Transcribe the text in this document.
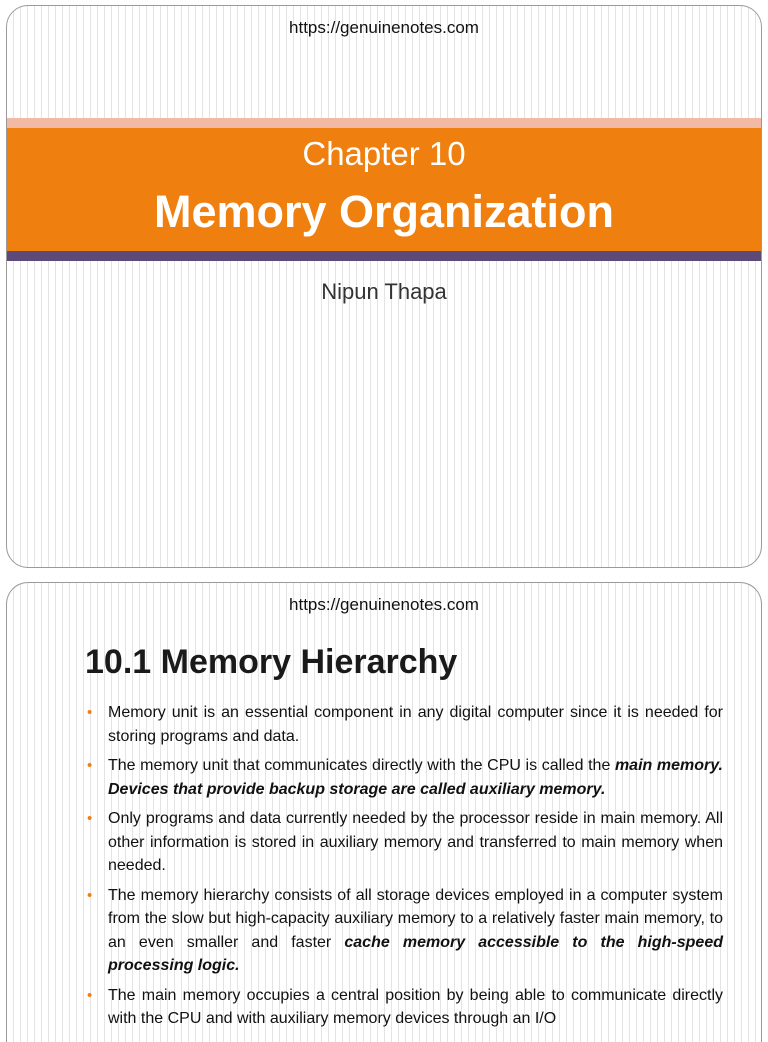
https://genuinenotes.com
Chapter 10
Memory Organization
Nipun Thapa
https://genuinenotes.com
10.1 Memory Hierarchy
• Memory unit is an essential component in any digital computer since it is needed for storing programs and data.
• The memory unit that communicates directly with the CPU is called the main memory. Devices that provide backup storage are called auxiliary memory.
• Only programs and data currently needed by the processor reside in main memory. All other information is stored in auxiliary memory and transferred to main memory when needed.
• The memory hierarchy consists of all storage devices employed in a computer system from the slow but high-capacity auxiliary memory to a relatively faster main memory, to an even smaller and faster cache memory accessible to the high-speed processing logic.
• The main memory occupies a central position by being able to communicate directly with the CPU and with auxiliary memory devices through an I/O
